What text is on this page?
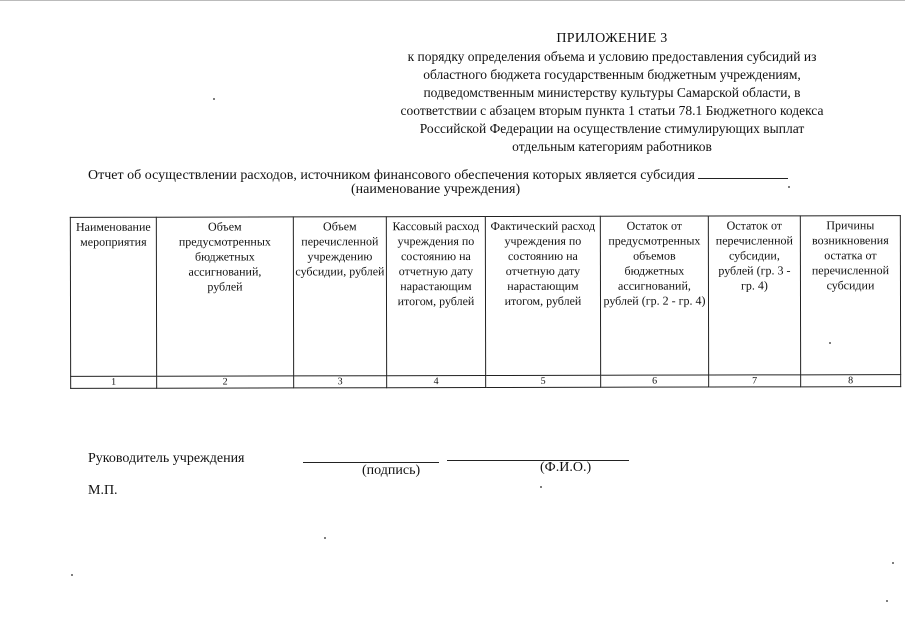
ПРИЛОЖЕНИЕ 3
к порядку определения объема и условию предоставления субсидий из
областного бюджета государственным бюджетным учреждениям,
подведомственным министерству культуры Самарской области, в
соответствии с абзацем вторым пункта 1 статьи 78.1 Бюджетного кодекса
Российской Федерации на осуществление стимулирующих выплат
отдельным категориям работников
Отчет об осуществлении расходов, источником финансового обеспечения которых является субсидия
(наименование учреждения)
Наименование мероприятия	Объем предусмотренных бюджетных ассигнований, рублей	Объем перечисленной учреждению субсидии, рублей	Кассовый расход учреждения по состоянию на отчетную дату нарастающим итогом, рублей	Фактический расход учреждения по состоянию на отчетную дату нарастающим итогом, рублей	Остаток от предусмотренных объемов бюджетных ассигнований, рублей (гр. 2 - гр. 4)	Остаток от перечисленной субсидии, рублей (гр. 3 - гр. 4)	Причины возникновения остатка от перечисленной субсидии
1	2	3	4	5	6	7	8
Руководитель учреждения
(подпись)	(Ф.И.О.)
М.П.
